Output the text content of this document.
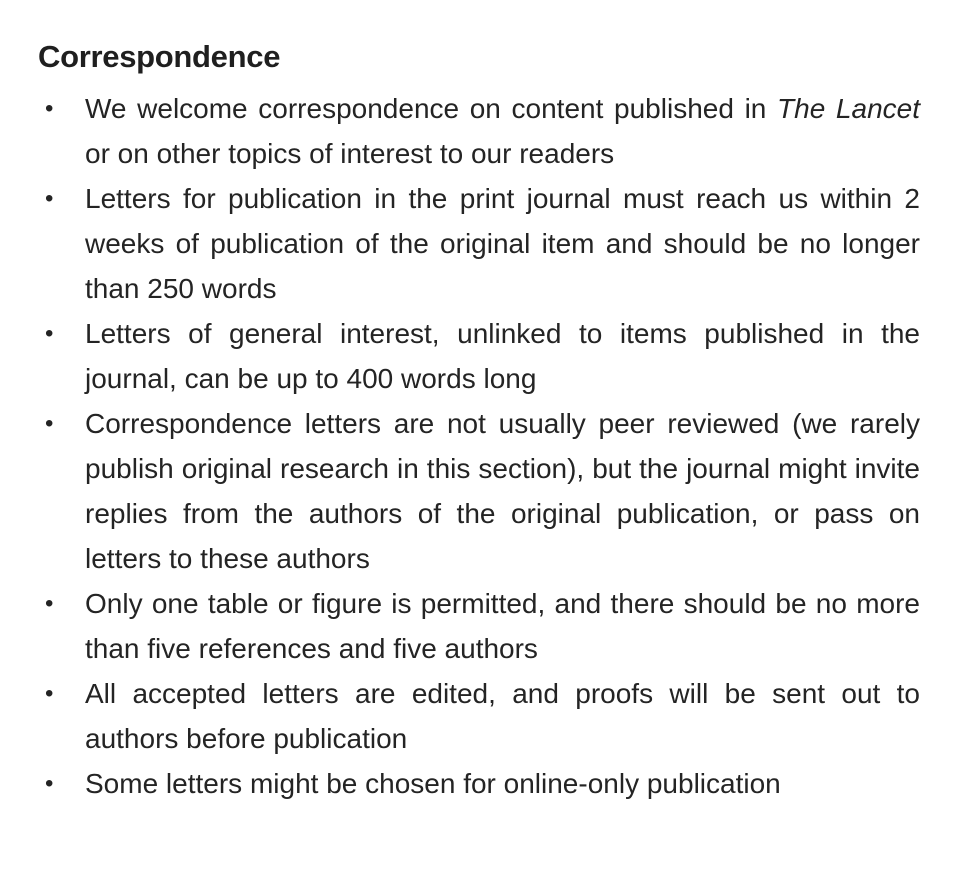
Correspondence
• We welcome correspondence on content published in The Lancet or on other topics of interest to our readers
• Letters for publication in the print journal must reach us within 2 weeks of publication of the original item and should be no longer than 250 words
• Letters of general interest, unlinked to items published in the journal, can be up to 400 words long
• Correspondence letters are not usually peer reviewed (we rarely publish original research in this section), but the journal might invite replies from the authors of the original publication, or pass on letters to these authors
• Only one table or figure is permitted, and there should be no more than five references and five authors
• All accepted letters are edited, and proofs will be sent out to authors before publication
• Some letters might be chosen for online-only publication
